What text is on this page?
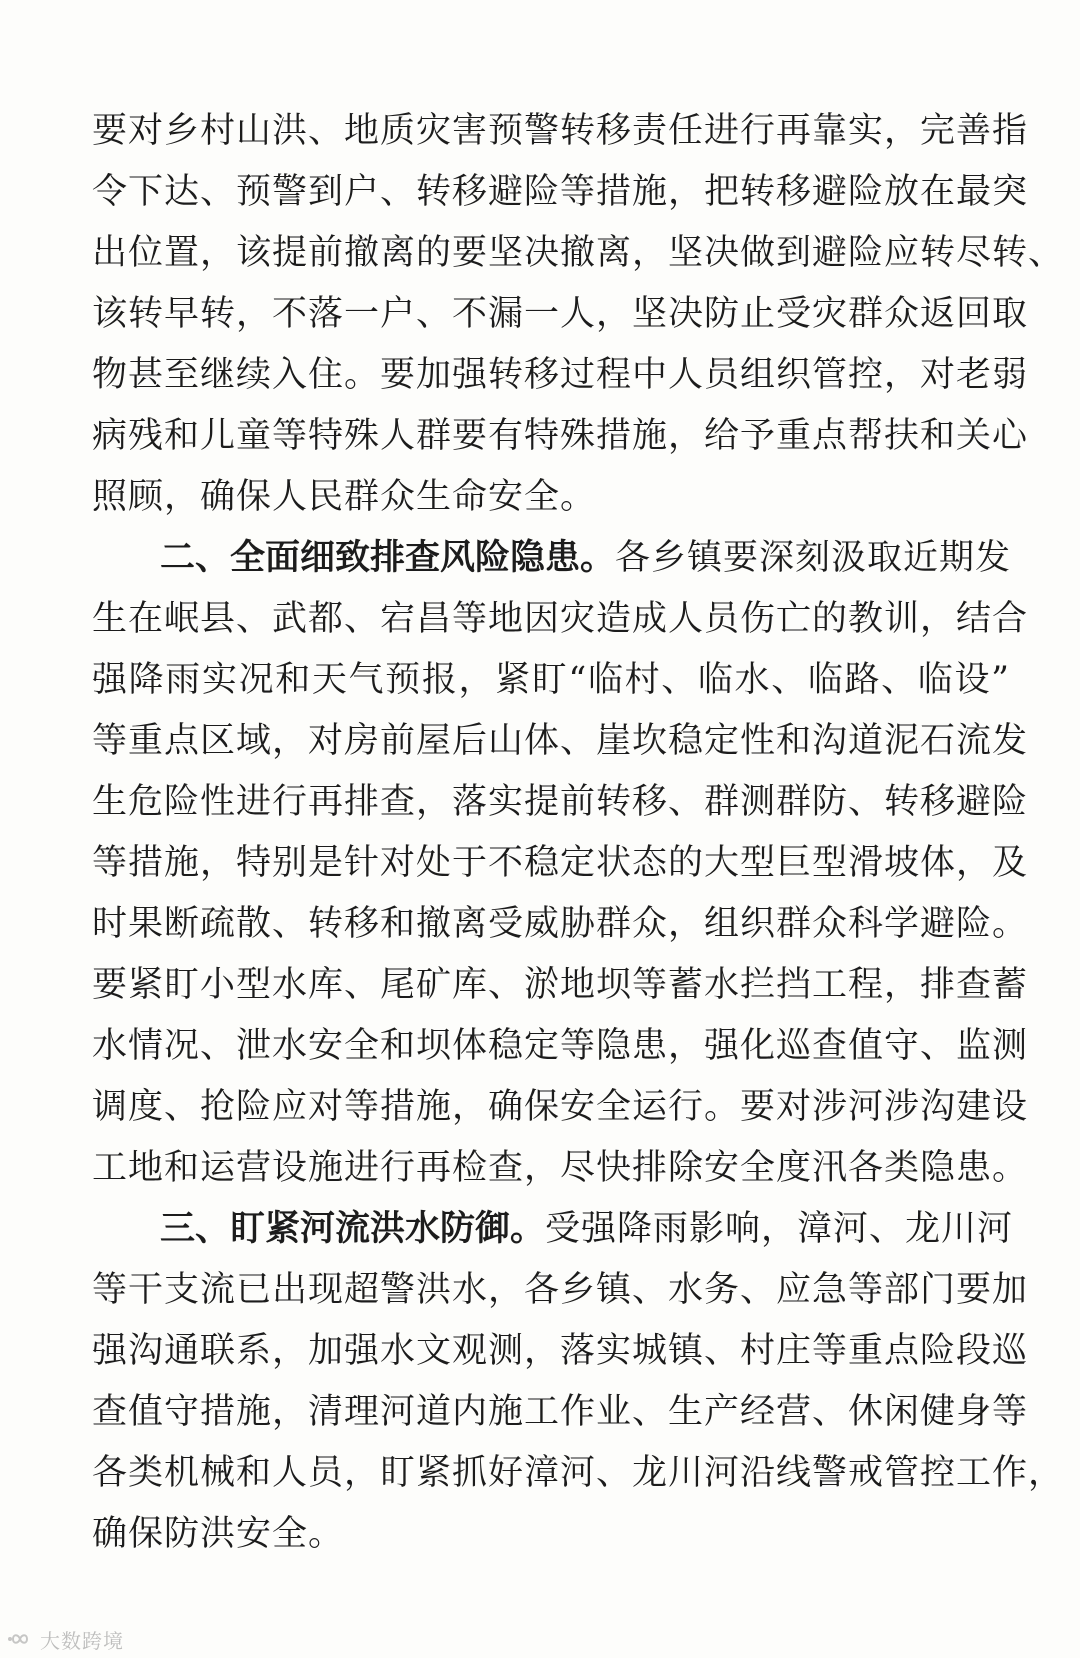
要对乡村山洪、地质灾害预警转移责任进行再靠实，完善指
令下达、预警到户、转移避险等措施，把转移避险放在最突
出位置，该提前撤离的要坚决撤离，坚决做到避险应转尽转、
该转早转，不落一户、不漏一人，坚决防止受灾群众返回取
物甚至继续入住。要加强转移过程中人员组织管控，对老弱
病残和儿童等特殊人群要有特殊措施，给予重点帮扶和关心
照顾，确保人民群众生命安全。
二、全面细致排查风险隐患。各乡镇要深刻汲取近期发
生在岷县、武都、宕昌等地因灾造成人员伤亡的教训，结合
强降雨实况和天气预报，紧盯“临村、临水、临路、临设”
等重点区域，对房前屋后山体、崖坎稳定性和沟道泥石流发
生危险性进行再排查，落实提前转移、群测群防、转移避险
等措施，特别是针对处于不稳定状态的大型巨型滑坡体，及
时果断疏散、转移和撤离受威胁群众，组织群众科学避险。
要紧盯小型水库、尾矿库、淤地坝等蓄水拦挡工程，排查蓄
水情况、泄水安全和坝体稳定等隐患，强化巡查值守、监测
调度、抢险应对等措施，确保安全运行。要对涉河涉沟建设
工地和运营设施进行再检查，尽快排除安全度汛各类隐患。
三、盯紧河流洪水防御。受强降雨影响，漳河、龙川河
等干支流已出现超警洪水，各乡镇、水务、应急等部门要加
强沟通联系，加强水文观测，落实城镇、村庄等重点险段巡
查值守措施，清理河道内施工作业、生产经营、休闲健身等
各类机械和人员，盯紧抓好漳河、龙川河沿线警戒管控工作，
确保防洪安全。
大数跨境
